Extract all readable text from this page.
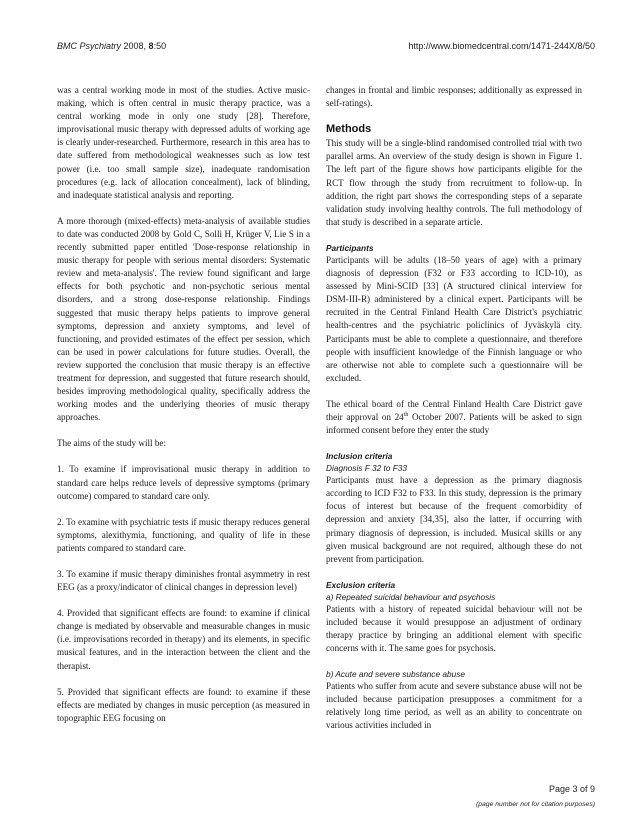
BMC Psychiatry 2008, 8:50	http://www.biomedcentral.com/1471-244X/8/50

was a central working mode in most of the studies. Active music-making, which is often central in music therapy practice, was a central working mode in only one study [28]. Therefore, improvisational music therapy with depressed adults of working age is clearly under-researched. Furthermore, research in this area has to date suffered from methodological weaknesses such as low test power (i.e. too small sample size), inadequate randomisation procedures (e.g. lack of allocation concealment), lack of blinding, and inadequate statistical analysis and reporting.

A more thorough (mixed-effects) meta-analysis of available studies to date was conducted 2008 by Gold C, Solli H, Krüger V, Lie S in a recently submitted paper entitled 'Dose-response relationship in music therapy for people with serious mental disorders: Systematic review and meta-analysis'. The review found significant and large effects for both psychotic and non-psychotic serious mental disorders, and a strong dose-response relationship. Findings suggested that music therapy helps patients to improve general symptoms, depression and anxiety symptoms, and level of functioning, and provided estimates of the effect per session, which can be used in power calculations for future studies. Overall, the review supported the conclusion that music therapy is an effective treatment for depression, and suggested that future research should, besides improving methodological quality, specifically address the working modes and the underlying theories of music therapy approaches.

The aims of the study will be:

1. To examine if improvisational music therapy in addition to standard care helps reduce levels of depressive symptoms (primary outcome) compared to standard care only.

2. To examine with psychiatric tests if music therapy reduces general symptoms, alexithymia, functioning, and quality of life in these patients compared to standard care.

3. To examine if music therapy diminishes frontal asymmetry in rest EEG (as a proxy/indicator of clinical changes in depression level)

4. Provided that significant effects are found: to examine if clinical change is mediated by observable and measurable changes in music (i.e. improvisations recorded in therapy) and its elements, in specific musical features, and in the interaction between the client and the therapist.

5. Provided that significant effects are found: to examine if these effects are mediated by changes in music perception (as measured in topographic EEG focusing on

changes in frontal and limbic responses; additionally as expressed in self-ratings).

Methods

This study will be a single-blind randomised controlled trial with two parallel arms. An overview of the study design is shown in Figure 1. The left part of the figure shows how participants eligible for the RCT flow through the study from recruitment to follow-up. In addition, the right part shows the corresponding steps of a separate validation study involving healthy controls. The full methodology of that study is described in a separate article.

Participants

Participants will be adults (18–50 years of age) with a primary diagnosis of depression (F32 or F33 according to ICD-10), as assessed by Mini-SCID [33] (A structured clinical interview for DSM-III-R) administered by a clinical expert. Participants will be recruited in the Central Finland Health Care District's psychiatric health-centres and the psychiatric policlinics of Jyväskylä city. Participants must be able to complete a questionnaire, and therefore people with insufficient knowledge of the Finnish language or who are otherwise not able to complete such a questionnaire will be excluded.

The ethical board of the Central Finland Health Care District gave their approval on 24th October 2007. Patients will be asked to sign informed consent before they enter the study

Inclusion criteria
Diagnosis F 32 to F33

Participants must have a depression as the primary diagnosis according to ICD F32 to F33. In this study, depression is the primary focus of interest but because of the frequent comorbidity of depression and anxiety [34,35], also the latter, if occurring with primary diagnosis of depression, is included. Musical skills or any given musical background are not required, although these do not prevent from participation.

Exclusion criteria
a) Repeated suicidal behaviour and psychosis

Patients with a history of repeated suicidal behaviour will not be included because it would presuppose an adjustment of ordinary therapy practice by bringing an additional element with specific concerns with it. The same goes for psychosis.

b) Acute and severe substance abuse

Patients who suffer from acute and severe substance abuse will not be included because participation presupposes a commitment for a relatively long time period, as well as an ability to concentrate on various activities included in

Page 3 of 9
(page number not for citation purposes)
